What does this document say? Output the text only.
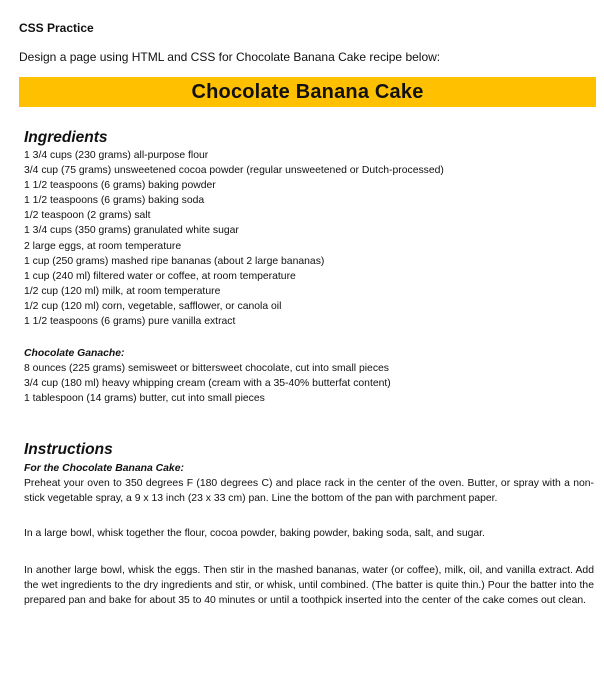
CSS Practice
Design a page using HTML and CSS for Chocolate Banana Cake recipe below:
Chocolate Banana Cake
Ingredients
1 3/4 cups (230 grams) all-purpose flour
3/4 cup (75 grams) unsweetened cocoa powder (regular unsweetened or Dutch-processed)
1 1/2 teaspoons (6 grams) baking powder
1 1/2 teaspoons (6 grams) baking soda
1/2 teaspoon (2 grams) salt
1 3/4 cups (350 grams) granulated white sugar
2 large eggs, at room temperature
1 cup (250 grams) mashed ripe bananas (about 2 large bananas)
1 cup (240 ml) filtered water or coffee, at room temperature
1/2 cup (120 ml) milk, at room temperature
1/2 cup (120 ml) corn, vegetable, safflower, or canola oil
1 1/2 teaspoons (6 grams) pure vanilla extract
Chocolate Ganache:
8 ounces (225 grams) semisweet or bittersweet chocolate, cut into small pieces
3/4 cup (180 ml) heavy whipping cream (cream with a 35-40% butterfat content)
1 tablespoon (14 grams) butter, cut into small pieces
Instructions
For the Chocolate Banana Cake:

Preheat your oven to 350 degrees F (180 degrees C) and place rack in the center of the oven. Butter, or spray with a non-stick vegetable spray, a 9 x 13 inch (23 x 33 cm) pan. Line the bottom of the pan with parchment paper.

In a large bowl, whisk together the flour, cocoa powder, baking powder, baking soda, salt, and sugar.

In another large bowl, whisk the eggs. Then stir in the mashed bananas, water (or coffee), milk, oil, and vanilla extract. Add the wet ingredients to the dry ingredients and stir, or whisk, until combined. (The batter is quite thin.) Pour the batter into the prepared pan and bake for about 35 to 40 minutes or until a toothpick inserted into the center of the cake comes out clean.
